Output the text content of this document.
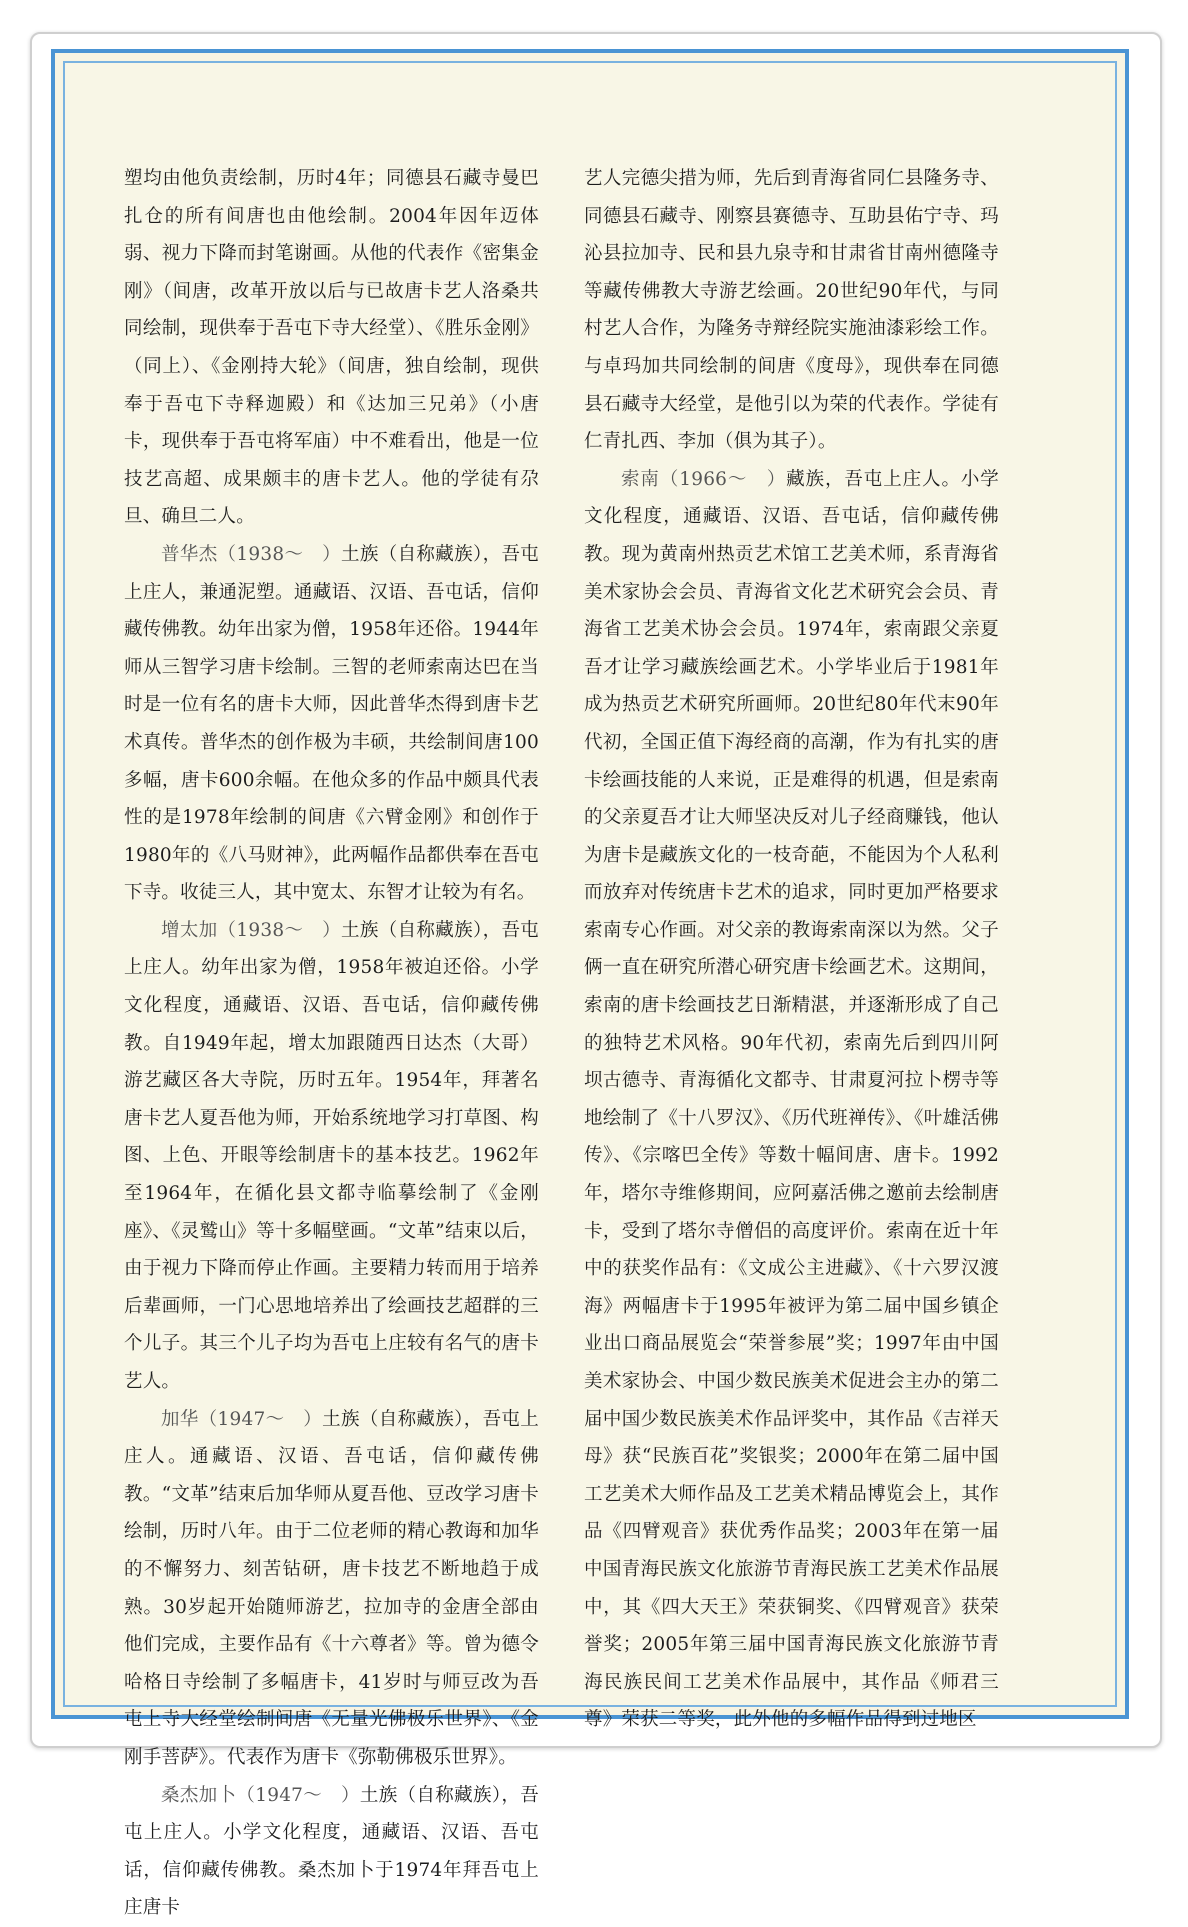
塑均由他负责绘制，历时4年；同德县石藏寺曼巴扎仓的所有间唐也由他绘制。2004年因年迈体弱、视力下降而封笔谢画。从他的代表作《密集金刚》（间唐，改革开放以后与已故唐卡艺人洛桑共同绘制，现供奉于吾屯下寺大经堂）、《胜乐金刚》（同上）、《金刚持大轮》（间唐，独自绘制，现供奉于吾屯下寺释迦殿）和《达加三兄弟》（小唐卡，现供奉于吾屯将军庙）中不难看出，他是一位技艺高超、成果颇丰的唐卡艺人。他的学徒有尕旦、确旦二人。

普华杰（1938～　）土族（自称藏族），吾屯上庄人，兼通泥塑。通藏语、汉语、吾屯话，信仰藏传佛教。幼年出家为僧，1958年还俗。1944年师从三智学习唐卡绘制。三智的老师索南达巴在当时是一位有名的唐卡大师，因此普华杰得到唐卡艺术真传。普华杰的创作极为丰硕，共绘制间唐100多幅，唐卡600余幅。在他众多的作品中颇具代表性的是1978年绘制的间唐《六臂金刚》和创作于1980年的《八马财神》，此两幅作品都供奉在吾屯下寺。收徒三人，其中宽太、东智才让较为有名。

增太加（1938～　）土族（自称藏族），吾屯上庄人。幼年出家为僧，1958年被迫还俗。小学文化程度，通藏语、汉语、吾屯话，信仰藏传佛教。自1949年起，增太加跟随西日达杰（大哥）游艺藏区各大寺院，历时五年。1954年，拜著名唐卡艺人夏吾他为师，开始系统地学习打草图、构图、上色、开眼等绘制唐卡的基本技艺。1962年至1964年，在循化县文都寺临摹绘制了《金刚座》、《灵鹫山》等十多幅壁画。“文革”结束以后，由于视力下降而停止作画。主要精力转而用于培养后辈画师，一门心思地培养出了绘画技艺超群的三个儿子。其三个儿子均为吾屯上庄较有名气的唐卡艺人。

加华（1947～　）土族（自称藏族），吾屯上庄人。通藏语、汉语、吾屯话，信仰藏传佛教。“文革”结束后加华师从夏吾他、豆改学习唐卡绘制，历时八年。由于二位老师的精心教诲和加华的不懈努力、刻苦钻研，唐卡技艺不断地趋于成熟。30岁起开始随师游艺，拉加寺的金唐全部由他们完成，主要作品有《十六尊者》等。曾为德令哈格日寺绘制了多幅唐卡，41岁时与师豆改为吾屯上寺大经堂绘制间唐《无量光佛极乐世界》、《金刚手菩萨》。代表作为唐卡《弥勒佛极乐世界》。

桑杰加卜（1947～　）土族（自称藏族），吾屯上庄人。小学文化程度，通藏语、汉语、吾屯话，信仰藏传佛教。桑杰加卜于1974年拜吾屯上庄唐卡

艺人完德尖措为师，先后到青海省同仁县隆务寺、同德县石藏寺、刚察县赛德寺、互助县佑宁寺、玛沁县拉加寺、民和县九泉寺和甘肃省甘南州德隆寺等藏传佛教大寺游艺绘画。20世纪90年代，与同村艺人合作，为隆务寺辩经院实施油漆彩绘工作。与卓玛加共同绘制的间唐《度母》，现供奉在同德县石藏寺大经堂，是他引以为荣的代表作。学徒有仁青扎西、李加（俱为其子）。

索南（1966～　）藏族，吾屯上庄人。小学文化程度，通藏语、汉语、吾屯话，信仰藏传佛教。现为黄南州热贡艺术馆工艺美术师，系青海省美术家协会会员、青海省文化艺术研究会会员、青海省工艺美术协会会员。1974年，索南跟父亲夏吾才让学习藏族绘画艺术。小学毕业后于1981年成为热贡艺术研究所画师。20世纪80年代末90年代初，全国正值下海经商的高潮，作为有扎实的唐卡绘画技能的人来说，正是难得的机遇，但是索南的父亲夏吾才让大师坚决反对儿子经商赚钱，他认为唐卡是藏族文化的一枝奇葩，不能因为个人私利而放弃对传统唐卡艺术的追求，同时更加严格要求索南专心作画。对父亲的教诲索南深以为然。父子俩一直在研究所潜心研究唐卡绘画艺术。这期间，索南的唐卡绘画技艺日渐精湛，并逐渐形成了自己的独特艺术风格。90年代初，索南先后到四川阿坝古德寺、青海循化文都寺、甘肃夏河拉卜楞寺等地绘制了《十八罗汉》、《历代班禅传》、《叶雄活佛传》、《宗喀巴全传》等数十幅间唐、唐卡。1992年，塔尔寺维修期间，应阿嘉活佛之邀前去绘制唐卡，受到了塔尔寺僧侣的高度评价。索南在近十年中的获奖作品有：《文成公主进藏》、《十六罗汉渡海》两幅唐卡于1995年被评为第二届中国乡镇企业出口商品展览会“荣誉参展”奖；1997年由中国美术家协会、中国少数民族美术促进会主办的第二届中国少数民族美术作品评奖中，其作品《吉祥天母》获“民族百花”奖银奖；2000年在第二届中国工艺美术大师作品及工艺美术精品博览会上，其作品《四臂观音》获优秀作品奖；2003年在第一届中国青海民族文化旅游节青海民族工艺美术作品展中，其《四大天王》荣获铜奖、《四臂观音》获荣誉奖；2005年第三届中国青海民族文化旅游节青海民族民间工艺美术作品展中，其作品《师君三尊》荣获二等奖，此外他的多幅作品得到过地区
